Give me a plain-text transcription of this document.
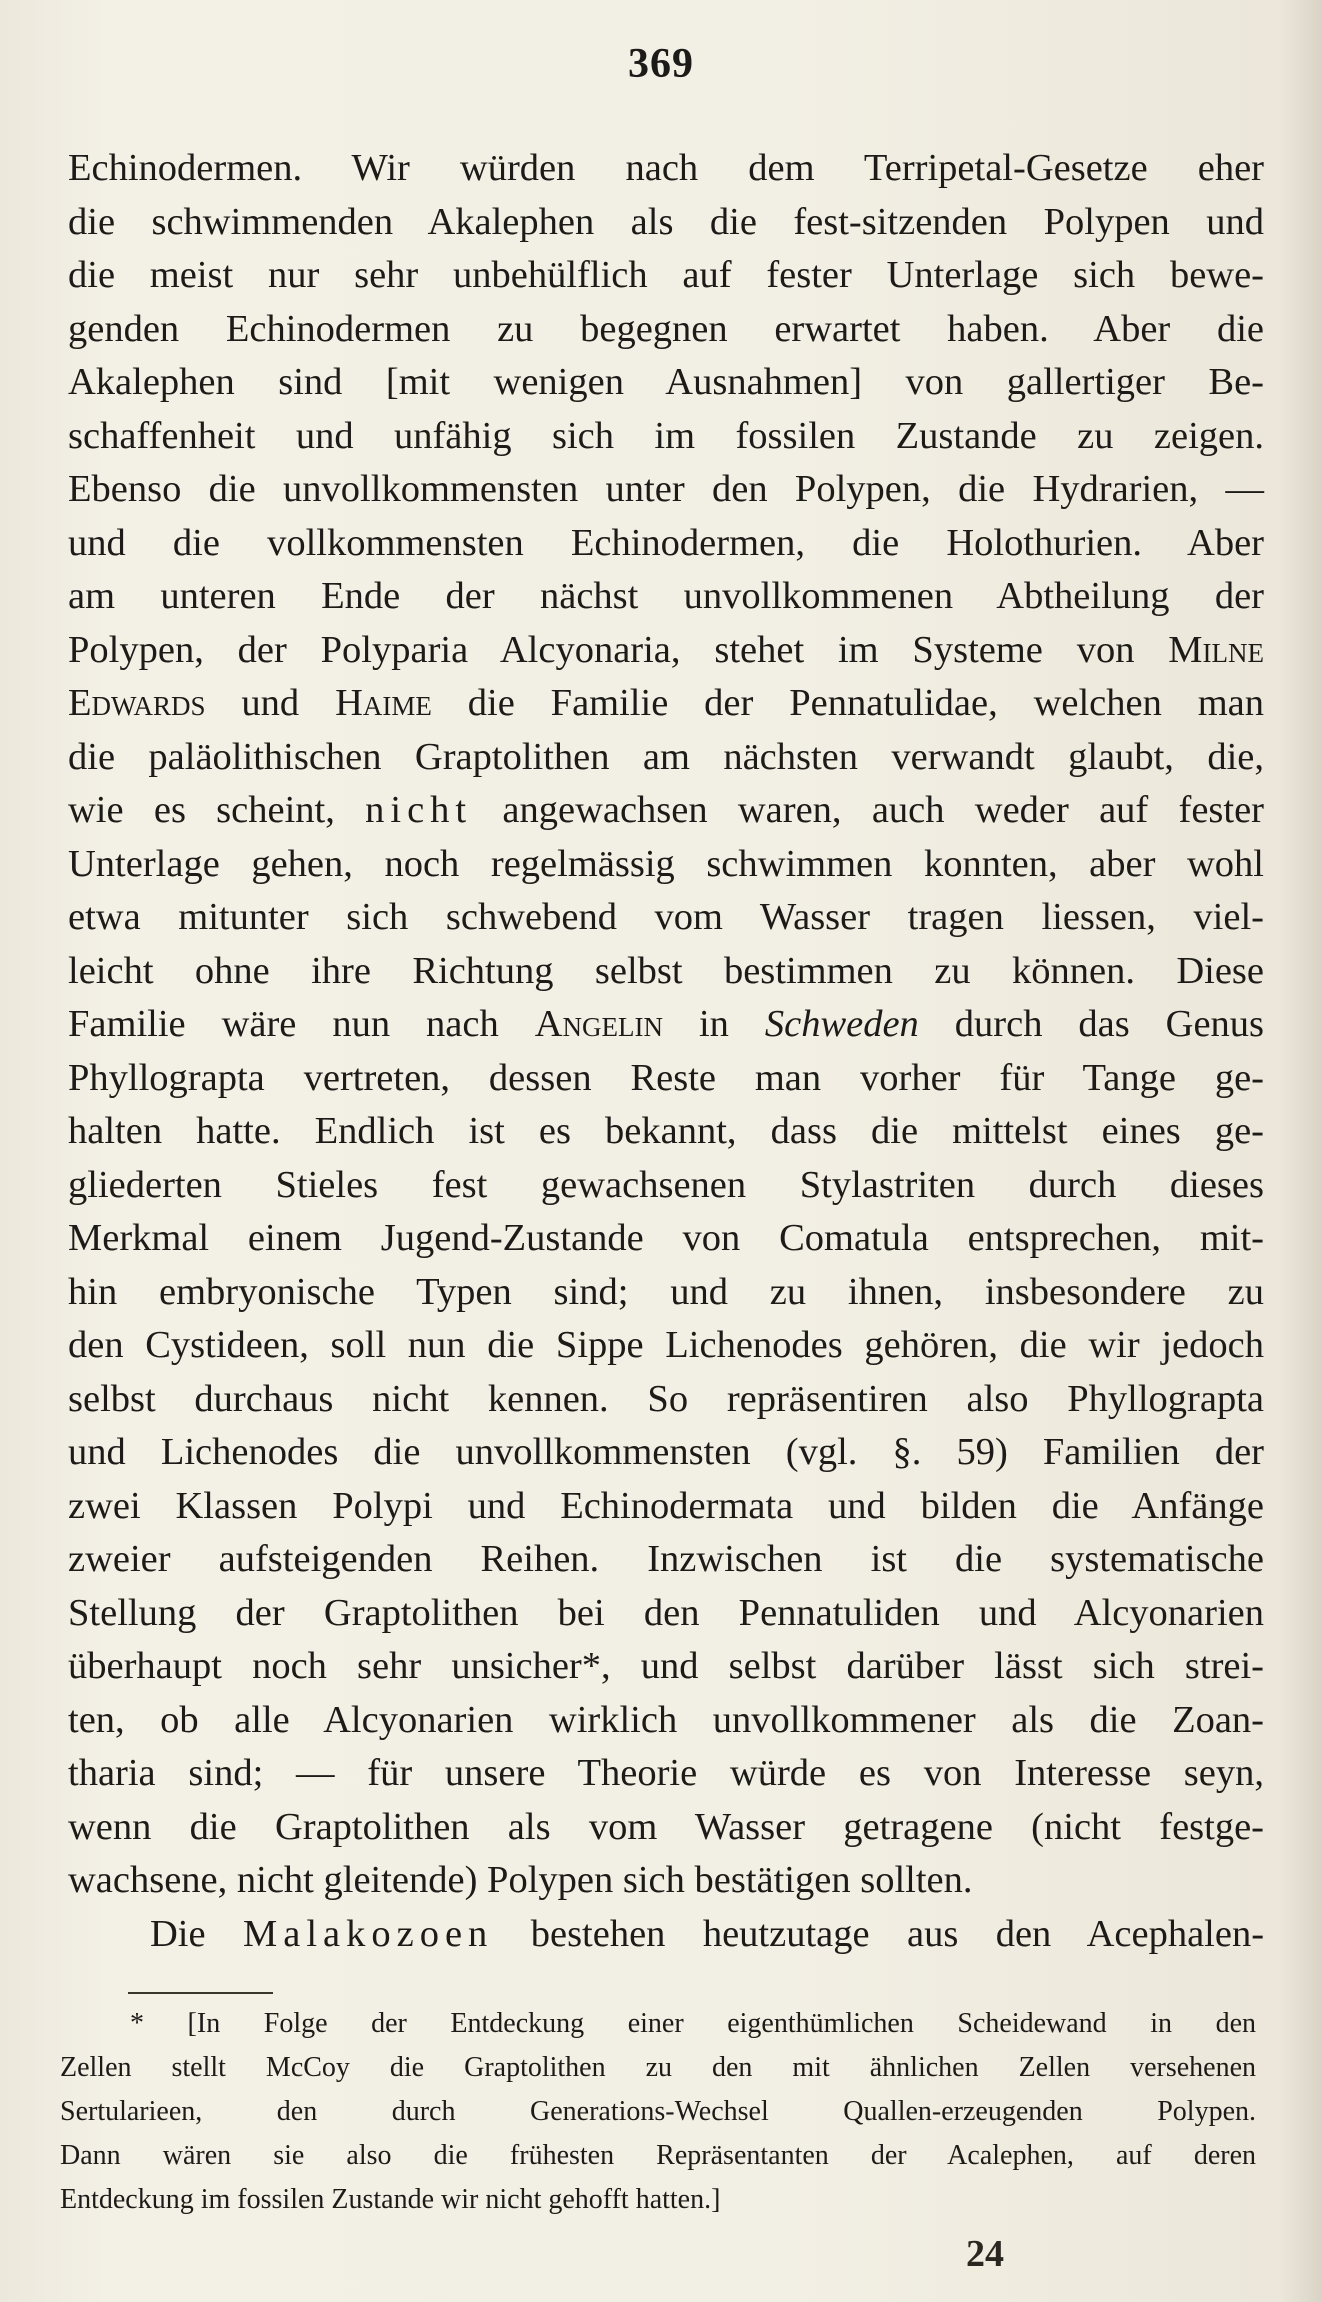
369
Echinodermen. Wir würden nach dem Terripetal-Gesetze eher
die schwimmenden Akalephen als die fest-sitzenden Polypen und
die meist nur sehr unbehülflich auf fester Unterlage sich bewe-
genden Echinodermen zu begegnen erwartet haben. Aber die
Akalephen sind [mit wenigen Ausnahmen] von gallertiger Be-
schaffenheit und unfähig sich im fossilen Zustande zu zeigen.
Ebenso die unvollkommensten unter den Polypen, die Hydrarien, —
und die vollkommensten Echinodermen, die Holothurien. Aber
am unteren Ende der nächst unvollkommenen Abtheilung der
Polypen, der Polyparia Alcyonaria, stehet im Systeme von Milne
Edwards und Haime die Familie der Pennatulidae, welchen man
die paläolithischen Graptolithen am nächsten verwandt glaubt, die,
wie es scheint, nicht angewachsen waren, auch weder auf fester
Unterlage gehen, noch regelmässig schwimmen konnten, aber wohl
etwa mitunter sich schwebend vom Wasser tragen liessen, viel-
leicht ohne ihre Richtung selbst bestimmen zu können. Diese
Familie wäre nun nach Angelin in Schweden durch das Genus
Phyllograpta vertreten, dessen Reste man vorher für Tange ge-
halten hatte. Endlich ist es bekannt, dass die mittelst eines ge-
gliederten Stieles fest gewachsenen Stylastriten durch dieses
Merkmal einem Jugend-Zustande von Comatula entsprechen, mit-
hin embryonische Typen sind; und zu ihnen, insbesondere zu
den Cystideen, soll nun die Sippe Lichenodes gehören, die wir jedoch
selbst durchaus nicht kennen. So repräsentiren also Phyllograpta
und Lichenodes die unvollkommensten (vgl. §. 59) Familien der
zwei Klassen Polypi und Echinodermata und bilden die Anfänge
zweier aufsteigenden Reihen. Inzwischen ist die systematische
Stellung der Graptolithen bei den Pennatuliden und Alcyonarien
überhaupt noch sehr unsicher*, und selbst darüber lässt sich strei-
ten, ob alle Alcyonarien wirklich unvollkommener als die Zoan-
tharia sind; — für unsere Theorie würde es von Interesse seyn,
wenn die Graptolithen als vom Wasser getragene (nicht festge-
wachsene, nicht gleitende) Polypen sich bestätigen sollten.
Die Malakozoen bestehen heutzutage aus den Acephalen-
* [In Folge der Entdeckung einer eigenthümlichen Scheidewand in den
Zellen stellt McCoy die Graptolithen zu den mit ähnlichen Zellen versehenen
Sertularieen, den durch Generations-Wechsel Quallen-erzeugenden Polypen.
Dann wären sie also die frühesten Repräsentanten der Acalephen, auf deren
Entdeckung im fossilen Zustande wir nicht gehofft hatten.]
24
